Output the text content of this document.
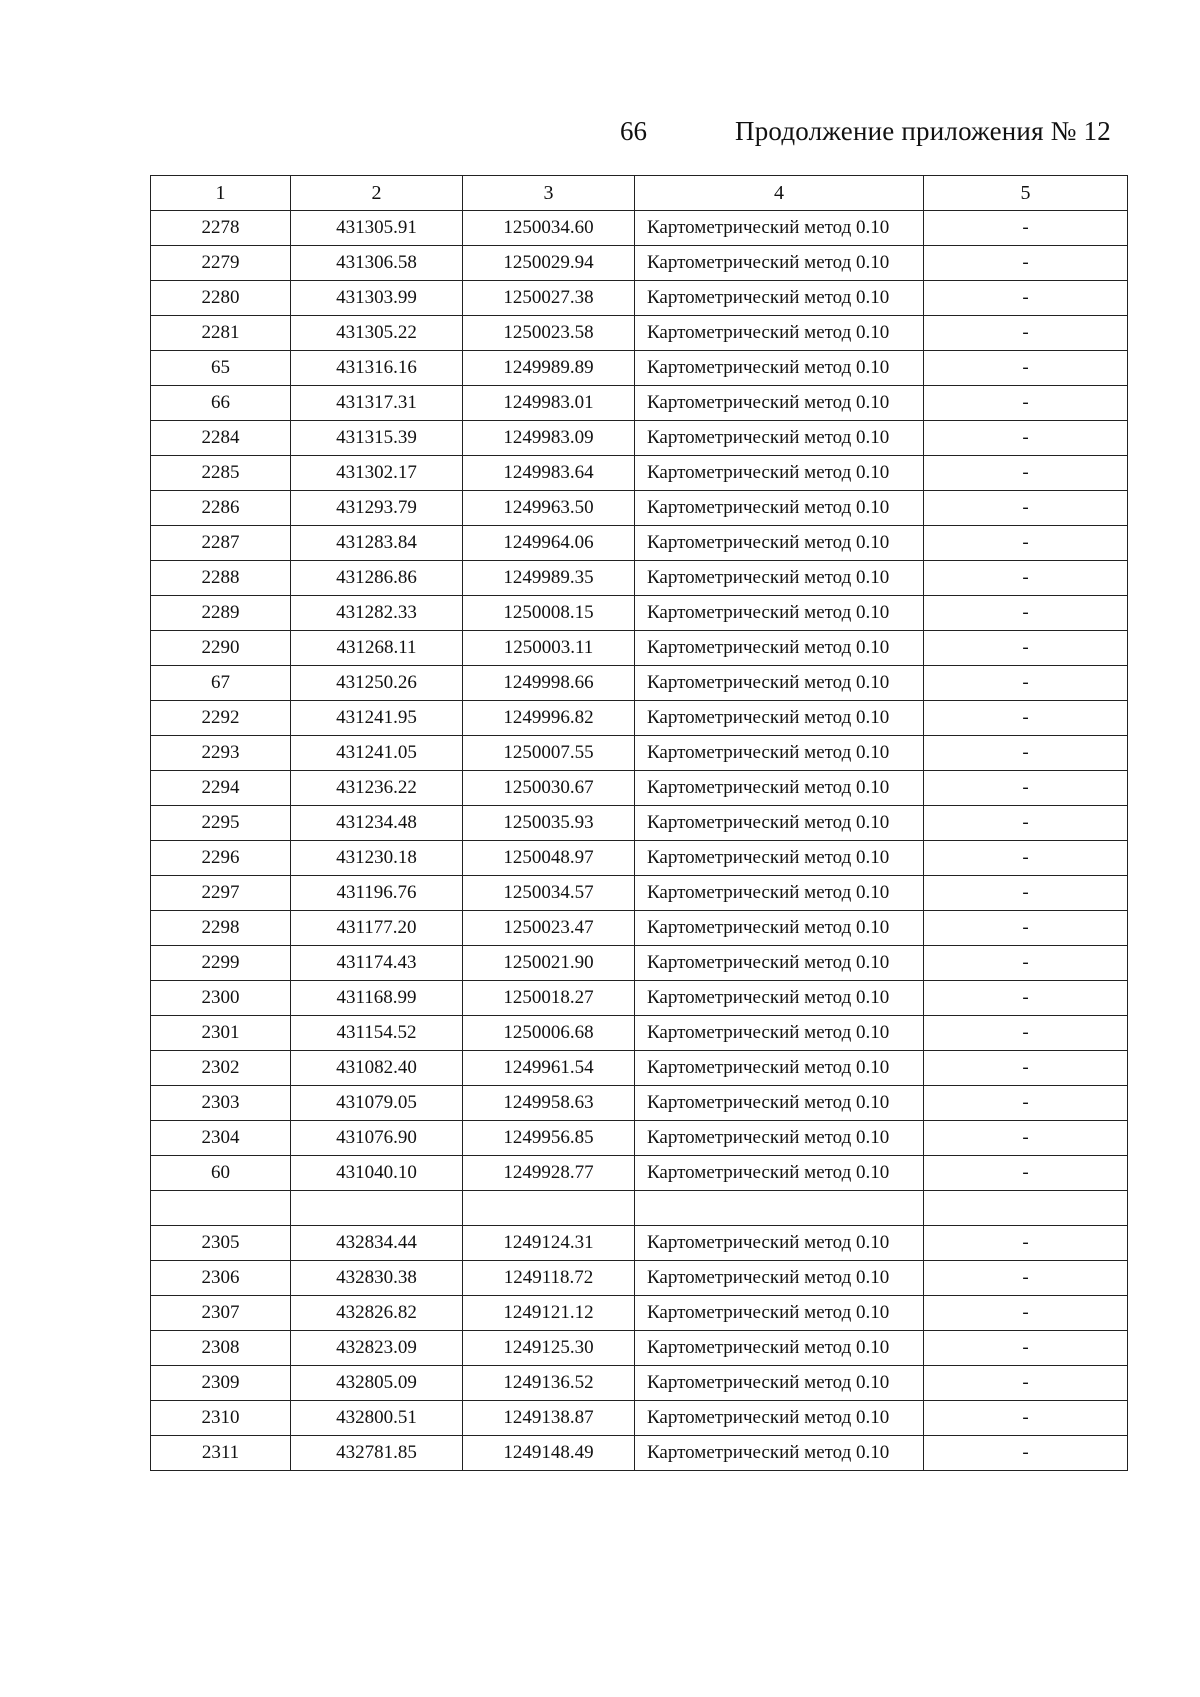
66	Продолжение приложения № 12
1	2	3	4	5
2278	431305.91	1250034.60	Картометрический метод 0.10	-
2279	431306.58	1250029.94	Картометрический метод 0.10	-
2280	431303.99	1250027.38	Картометрический метод 0.10	-
2281	431305.22	1250023.58	Картометрический метод 0.10	-
65	431316.16	1249989.89	Картометрический метод 0.10	-
66	431317.31	1249983.01	Картометрический метод 0.10	-
2284	431315.39	1249983.09	Картометрический метод 0.10	-
2285	431302.17	1249983.64	Картометрический метод 0.10	-
2286	431293.79	1249963.50	Картометрический метод 0.10	-
2287	431283.84	1249964.06	Картометрический метод 0.10	-
2288	431286.86	1249989.35	Картометрический метод 0.10	-
2289	431282.33	1250008.15	Картометрический метод 0.10	-
2290	431268.11	1250003.11	Картометрический метод 0.10	-
67	431250.26	1249998.66	Картометрический метод 0.10	-
2292	431241.95	1249996.82	Картометрический метод 0.10	-
2293	431241.05	1250007.55	Картометрический метод 0.10	-
2294	431236.22	1250030.67	Картометрический метод 0.10	-
2295	431234.48	1250035.93	Картометрический метод 0.10	-
2296	431230.18	1250048.97	Картометрический метод 0.10	-
2297	431196.76	1250034.57	Картометрический метод 0.10	-
2298	431177.20	1250023.47	Картометрический метод 0.10	-
2299	431174.43	1250021.90	Картометрический метод 0.10	-
2300	431168.99	1250018.27	Картометрический метод 0.10	-
2301	431154.52	1250006.68	Картометрический метод 0.10	-
2302	431082.40	1249961.54	Картометрический метод 0.10	-
2303	431079.05	1249958.63	Картометрический метод 0.10	-
2304	431076.90	1249956.85	Картометрический метод 0.10	-
60	431040.10	1249928.77	Картометрический метод 0.10	-

2305	432834.44	1249124.31	Картометрический метод 0.10	-
2306	432830.38	1249118.72	Картометрический метод 0.10	-
2307	432826.82	1249121.12	Картометрический метод 0.10	-
2308	432823.09	1249125.30	Картометрический метод 0.10	-
2309	432805.09	1249136.52	Картометрический метод 0.10	-
2310	432800.51	1249138.87	Картометрический метод 0.10	-
2311	432781.85	1249148.49	Картометрический метод 0.10	-
